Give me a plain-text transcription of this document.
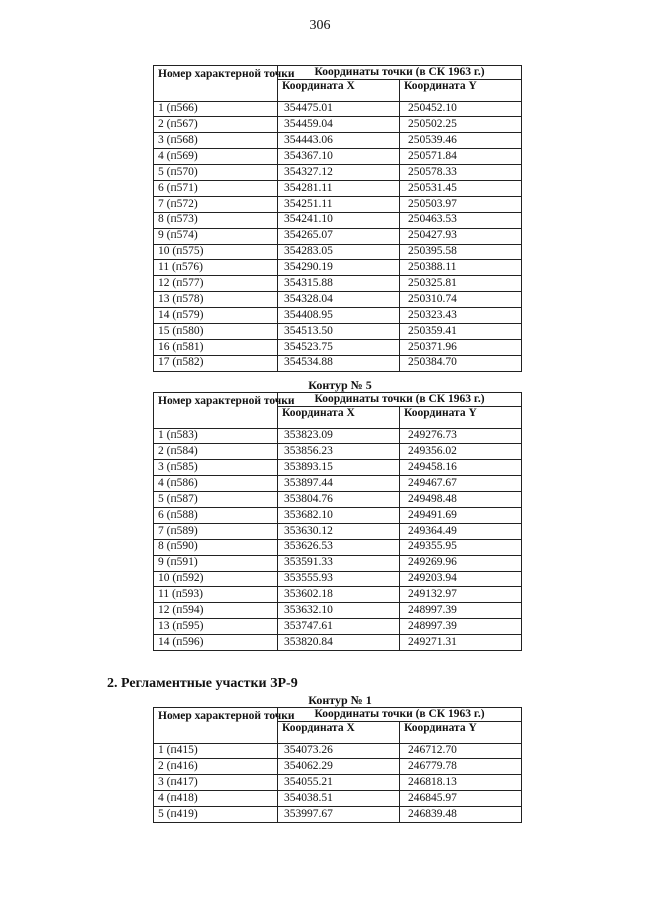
306
Номер характерной точки	Координаты точки (в СК 1963 г.)	
	Координата X	Координата Y
1 (п566)	354475.01	250452.10
2 (п567)	354459.04	250502.25
3 (п568)	354443.06	250539.46
4 (п569)	354367.10	250571.84
5 (п570)	354327.12	250578.33
6 (п571)	354281.11	250531.45
7 (п572)	354251.11	250503.97
8 (п573)	354241.10	250463.53
9 (п574)	354265.07	250427.93
10 (п575)	354283.05	250395.58
11 (п576)	354290.19	250388.11
12 (п577)	354315.88	250325.81
13 (п578)	354328.04	250310.74
14 (п579)	354408.95	250323.43
15 (п580)	354513.50	250359.41
16 (п581)	354523.75	250371.96
17 (п582)	354534.88	250384.70
Контур № 5
Номер характерной точки	Координаты точки (в СК 1963 г.)	
	Координата X	Координата Y
1 (п583)	353823.09	249276.73
2 (п584)	353856.23	249356.02
3 (п585)	353893.15	249458.16
4 (п586)	353897.44	249467.67
5 (п587)	353804.76	249498.48
6 (п588)	353682.10	249491.69
7 (п589)	353630.12	249364.49
8 (п590)	353626.53	249355.95
9 (п591)	353591.33	249269.96
10 (п592)	353555.93	249203.94
11 (п593)	353602.18	249132.97
12 (п594)	353632.10	248997.39
13 (п595)	353747.61	248997.39
14 (п596)	353820.84	249271.31
2. Регламентные участки ЗР-9
Контур № 1
Номер характерной точки	Координаты точки (в СК 1963 г.)	
	Координата X	Координата Y
1 (п415)	354073.26	246712.70
2 (п416)	354062.29	246779.78
3 (п417)	354055.21	246818.13
4 (п418)	354038.51	246845.97
5 (п419)	353997.67	246839.48
